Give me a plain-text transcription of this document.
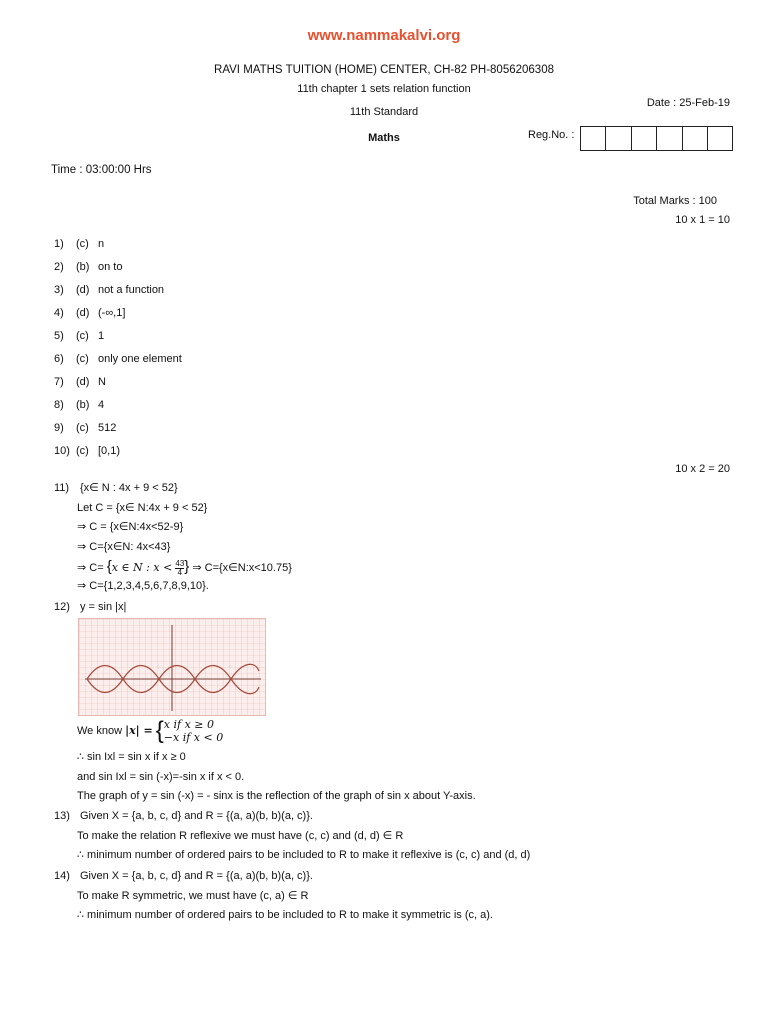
www.nammakalvi.org
RAVI MATHS TUITION (HOME) CENTER, CH-82 PH-8056206308
11th chapter 1 sets relation function
Date : 25-Feb-19
11th Standard
Maths	Reg.No. :
Time : 03:00:00 Hrs
Total Marks : 100
10 x 1 = 10
1)	(c) n
2)	(b) on to
3)	(d) not a function
4)	(d) (-∞,1]
5)	(c) 1
6)	(c) only one element
7)	(d) N
8)	(b) 4
9)	(c) 512
10) (c) [0,1)
10 x 2 = 20
11) {x∈ N : 4x + 9 < 52}
Let C = {x∈ N:4x + 9 < 52}
⇒ C = {x∈N:4x<52-9}
⇒ C={x∈N: 4x<43}
⇒ C= {x ∈ N : $x < \frac{43}{4}$ } ⇒ C={x∈N:x<10.75}
⇒ C={1,2,3,4,5,6,7,8,9,10}.
12) y = sin |x|
We know |x| = { x if x ≥ 0
−x if x < 0
∴ sin Ixl = sin x if x ≥ 0
and sin Ixl = sin (-x)=-sin x if x < 0.
The graph of y = sin (-x) = - sinx is the reflection of the graph of sin x about Y-axis.
13) Given X = {a, b, c, d} and R = {(a, a)(b, b)(a, c)}.
To make the relation R reflexive we must have (c, c) and (d, d) ∈ R
∴ minimum number of ordered pairs to be included to R to make it reflexive is (c, c) and (d, d)
14) Given X = {a, b, c, d} and R = {(a, a)(b, b)(a, c)}.
To make R symmetric, we must have (c, a) ∈ R
∴ minimum number of ordered pairs to be included to R to make it symmetric is (c, a).
